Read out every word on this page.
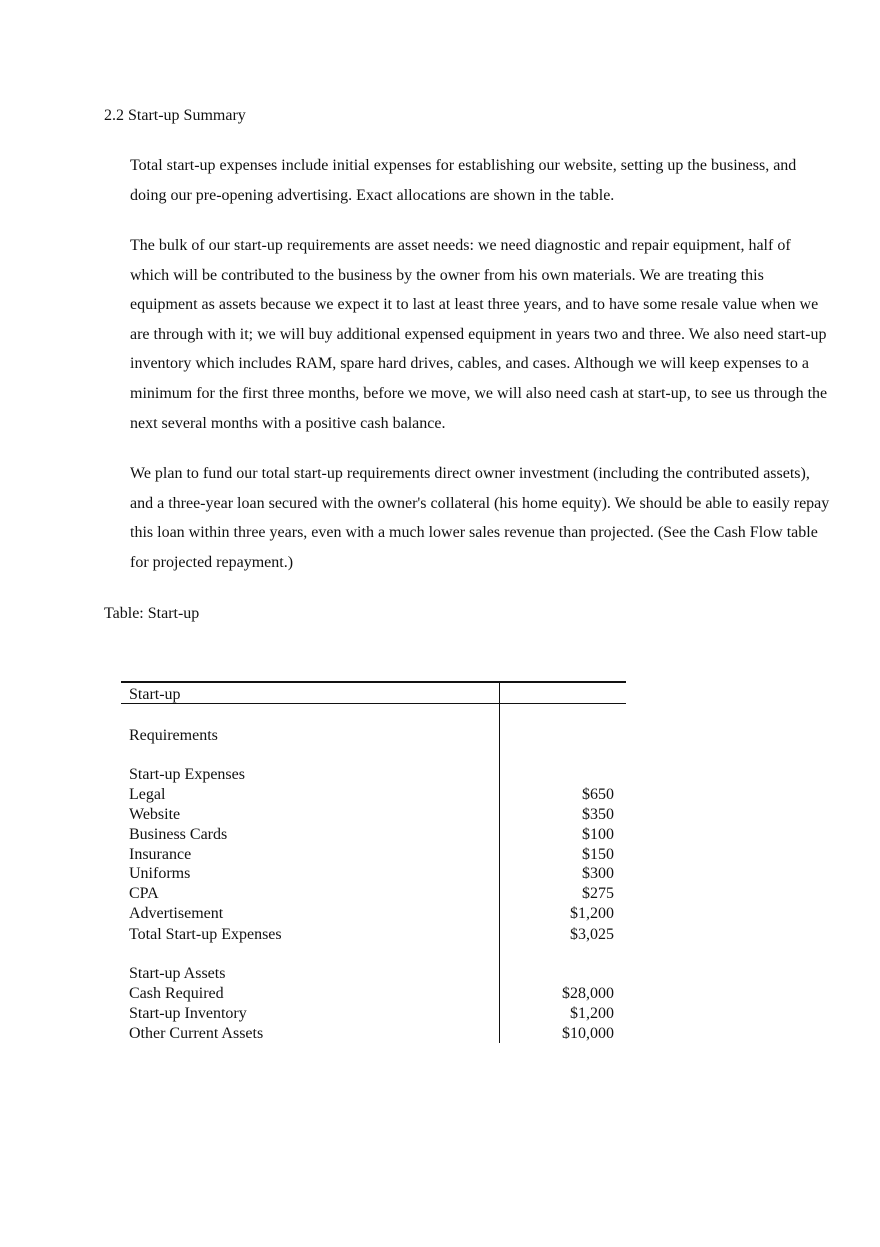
2.2 Start-up Summary

Total start-up expenses include initial expenses for establishing our website, setting up the business, and doing our pre-opening advertising. Exact allocations are shown in the table.

The bulk of our start-up requirements are asset needs: we need diagnostic and repair equipment, half of which will be contributed to the business by the owner from his own materials. We are treating this equipment as assets because we expect it to last at least three years, and to have some resale value when we are through with it; we will buy additional expensed equipment in years two and three. We also need start-up inventory which includes RAM, spare hard drives, cables, and cases. Although we will keep expenses to a minimum for the first three months, before we move, we will also need cash at start-up, to see us through the next several months with a positive cash balance.

We plan to fund our total start-up requirements direct owner investment (including the contributed assets), and a three-year loan secured with the owner's collateral (his home equity). We should be able to easily repay this loan within three years, even with a much lower sales revenue than projected. (See the Cash Flow table for projected repayment.)

Table: Start-up
Start-up
Requirements
Start-up Expenses
Legal	$650
Website	$350
Business Cards	$100
Insurance	$150
Uniforms	$300
CPA	$275
Advertisement	$1,200
Total Start-up Expenses	$3,025
Start-up Assets
Cash Required	$28,000
Start-up Inventory	$1,200
Other Current Assets	$10,000
